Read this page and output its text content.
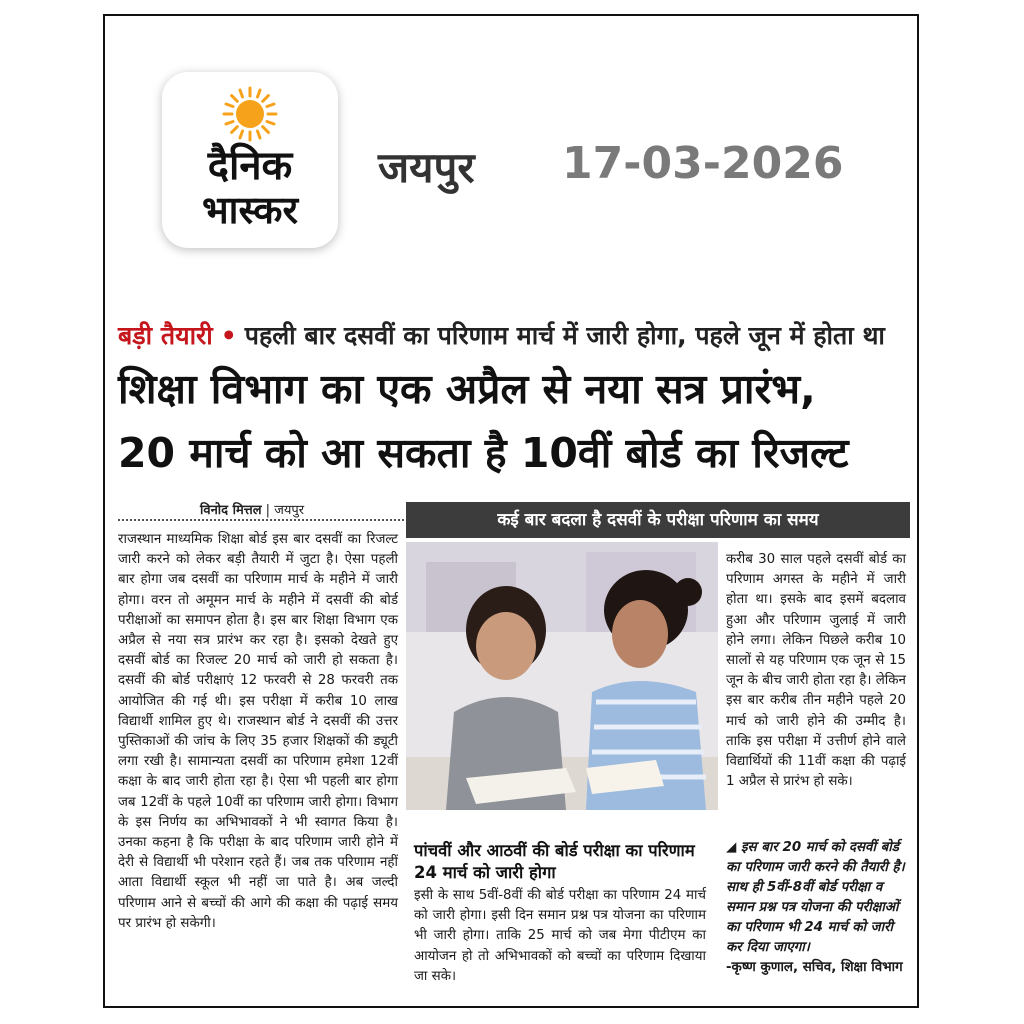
दैनिक
भास्कर
जयपुर 17-03-2026
बड़ी तैयारी • पहली बार दसवीं का परिणाम मार्च में जारी होगा, पहले जून में होता था
शिक्षा विभाग का एक अप्रैल से नया सत्र प्रारंभ,
20 मार्च को आ सकता है 10वीं बोर्ड का रिजल्ट
विनोद मित्तल | जयपुर	कई बार बदला है दसवीं के परीक्षा परिणाम का समय
राजस्थान माध्यमिक शिक्षा बोर्ड इस बार दसवीं का रिजल्ट जारी करने को लेकर बड़ी तैयारी में जुटा है। ऐसा पहली बार होगा जब दसवीं का परिणाम मार्च के महीने में जारी होगा। वरन तो अमूमन मार्च के महीने में दसवीं की बोर्ड परीक्षाओं का समापन होता है। इस बार शिक्षा विभाग एक अप्रैल से नया सत्र प्रारंभ कर रहा है। इसको देखते हुए दसवीं बोर्ड का रिजल्ट 20 मार्च को जारी हो सकता है। दसवीं की बोर्ड परीक्षाएं 12 फरवरी से 28 फरवरी तक आयोजित की गई थी। इस परीक्षा में करीब 10 लाख विद्यार्थी शामिल हुए थे। राजस्थान बोर्ड ने दसवीं की उत्तर पुस्तिकाओं की जांच के लिए 35 हजार शिक्षकों की ड्यूटी लगा रखी है। सामान्यता दसवीं का परिणाम हमेशा 12वीं कक्षा के बाद जारी होता रहा है। ऐसा भी पहली बार होगा जब 12वीं के पहले 10वीं का परिणाम जारी होगा। विभाग के इस निर्णय का अभिभावकों ने भी स्वागत किया है। उनका कहना है कि परीक्षा के बाद परिणाम जारी होने में देरी से विद्यार्थी भी परेशान रहते हैं। जब तक परिणाम नहीं आता विद्यार्थी स्कूल भी नहीं जा पाते है। अब जल्दी परिणाम आने से बच्चों की आगे की कक्षा की पढ़ाई समय पर प्रारंभ हो सकेगी।
करीब 30 साल पहले दसवीं बोर्ड का परिणाम अगस्त के महीने में जारी होता था। इसके बाद इसमें बदलाव हुआ और परिणाम जुलाई में जारी होने लगा। लेकिन पिछले करीब 10 सालों से यह परिणाम एक जून से 15 जून के बीच जारी होता रहा है। लेकिन इस बार करीब तीन महीने पहले 20 मार्च को जारी होने की उम्मीद है। ताकि इस परीक्षा में उत्तीर्ण होने वाले विद्यार्थियों की 11वीं कक्षा की पढ़ाई 1 अप्रैल से प्रारंभ हो सके।
पांचवीं और आठवीं की बोर्ड परीक्षा का परिणाम 24 मार्च को जारी होगा
इसी के साथ 5वीं-8वीं की बोर्ड परीक्षा का परिणाम 24 मार्च को जारी होगा। इसी दिन समान प्रश्न पत्र योजना का परिणाम भी जारी होगा। ताकि 25 मार्च को जब मेगा पीटीएम का आयोजन हो तो अभिभावकों को बच्चों का परिणाम दिखाया जा सके।
◢ इस बार 20 मार्च को दसवीं बोर्ड का परिणाम जारी करने की तैयारी है। साथ ही 5वीं-8वीं बोर्ड परीक्षा व समान प्रश्न पत्र योजना की परीक्षाओं का परिणाम भी 24 मार्च को जारी कर दिया जाएगा।
-कृष्ण कुणाल, सचिव, शिक्षा विभाग
